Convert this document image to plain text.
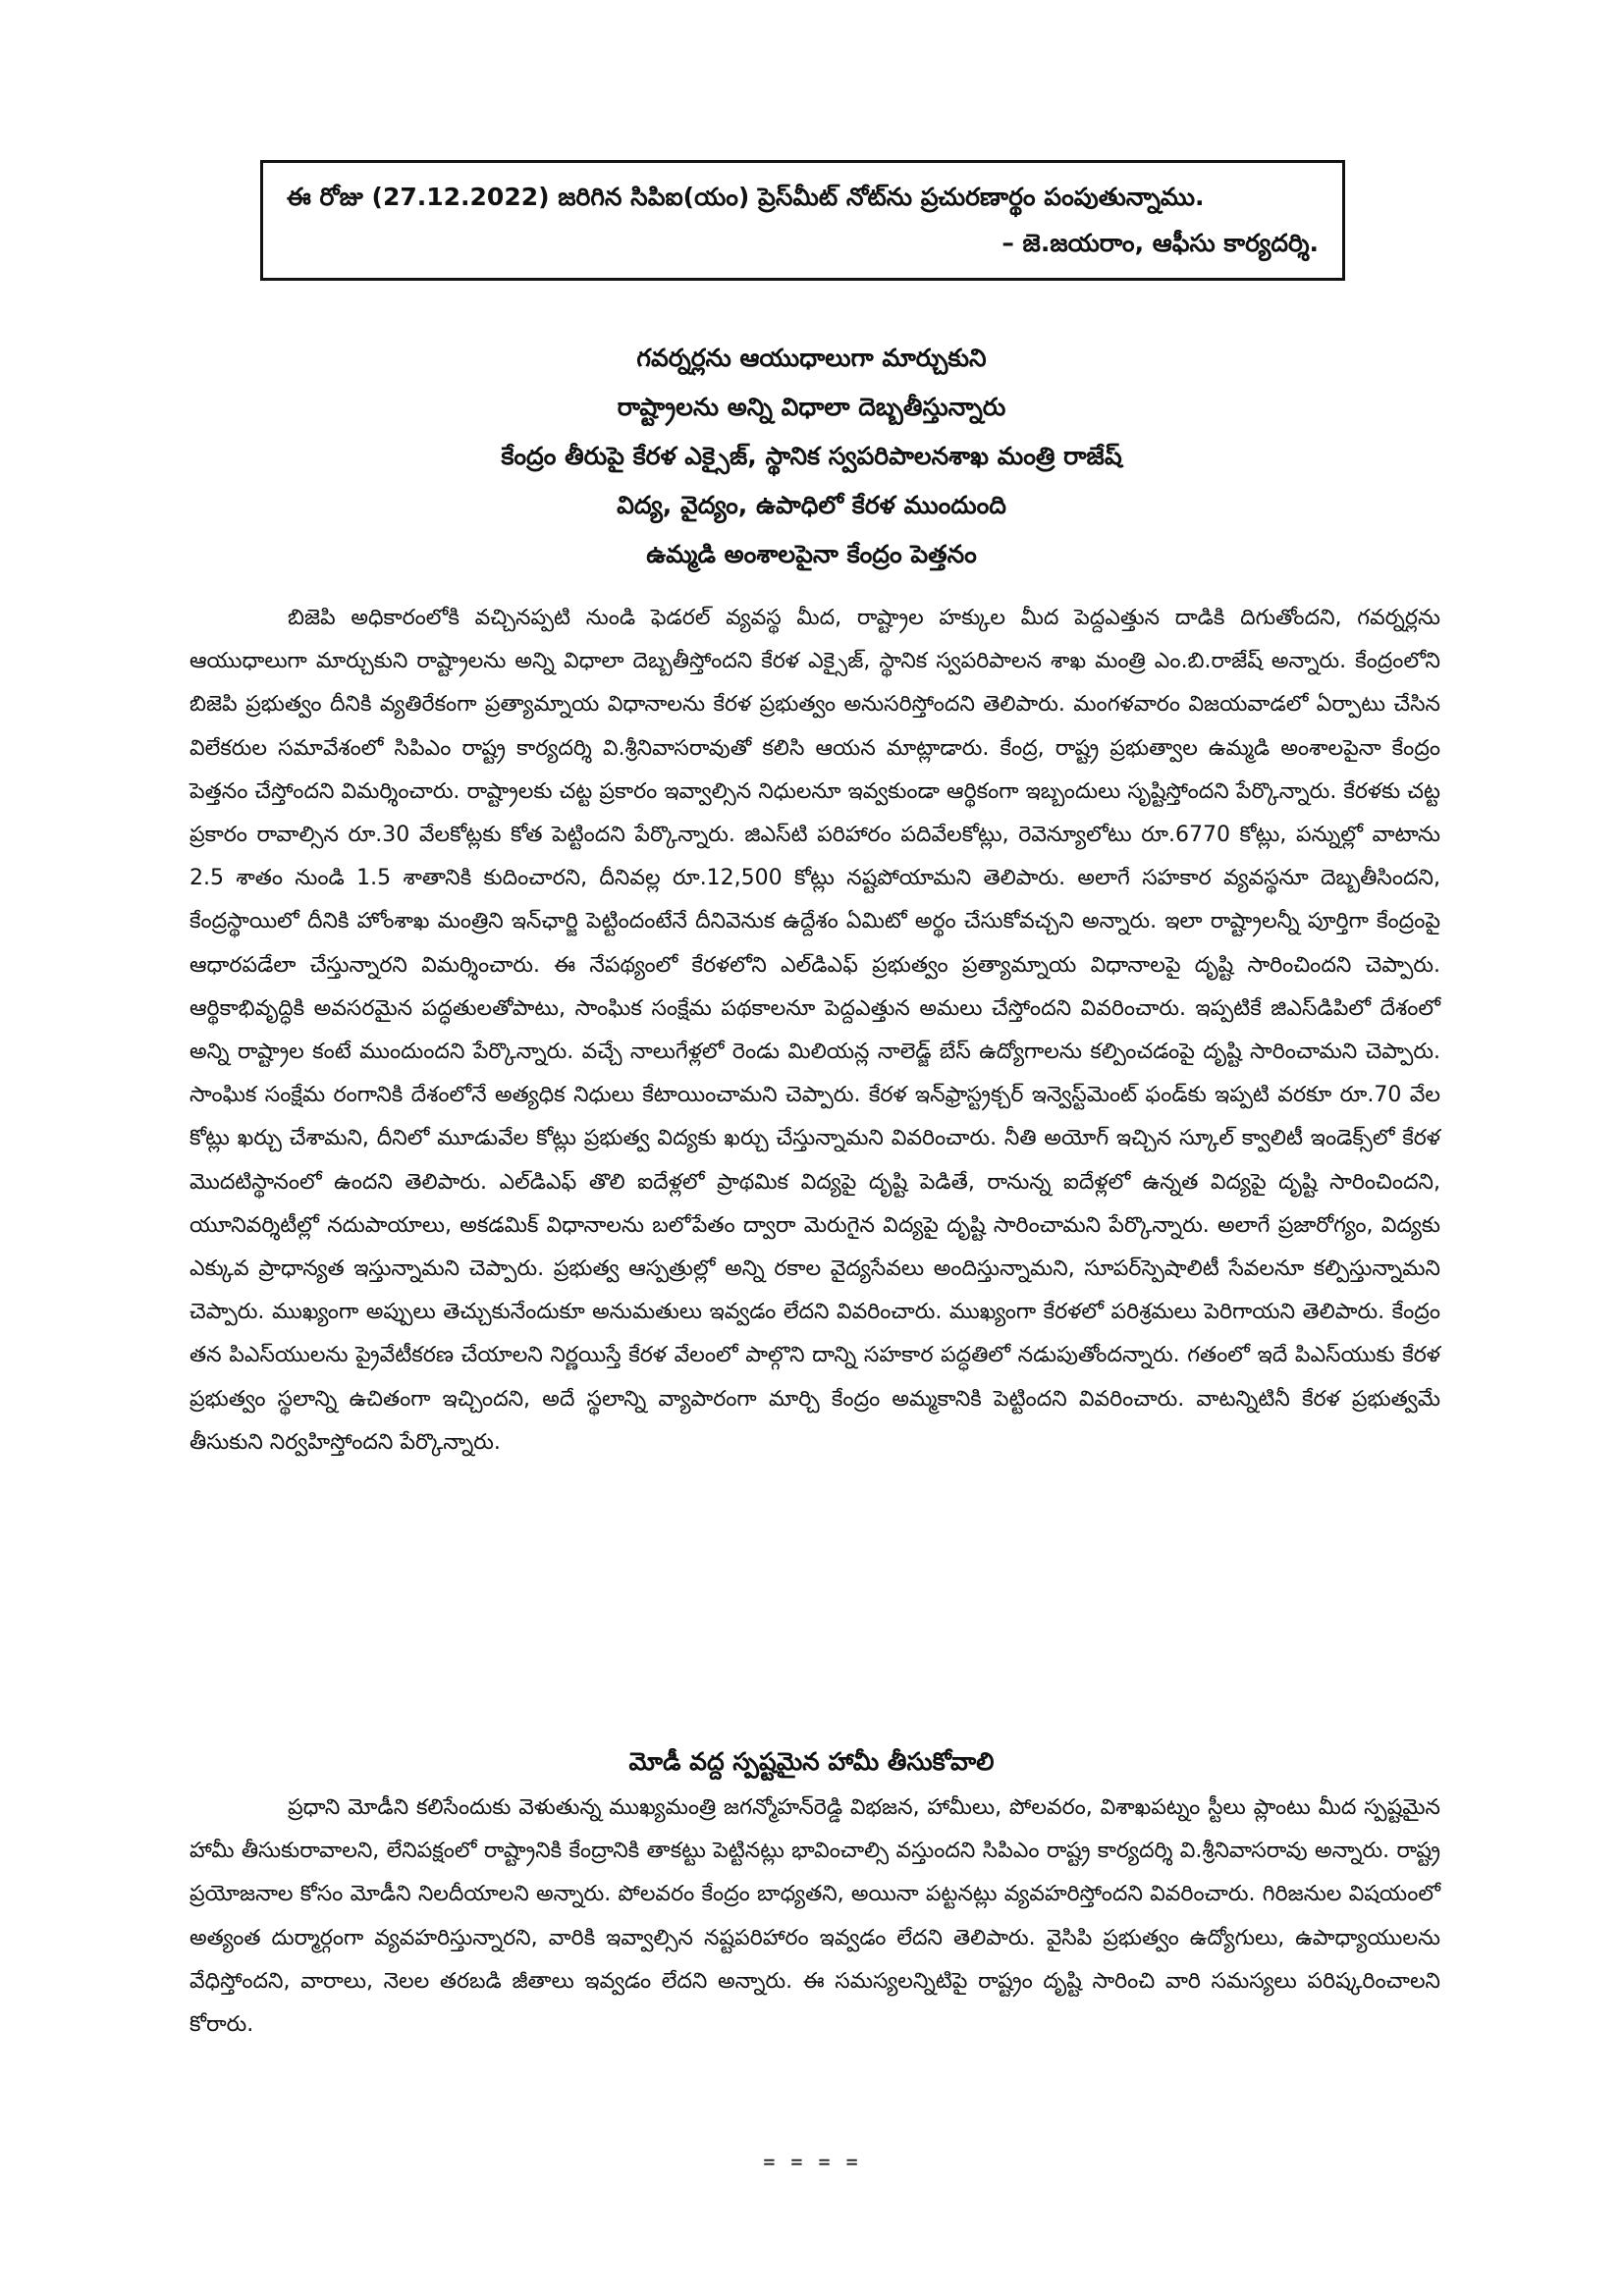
ఈ రోజు (27.12.2022) జరిగిన సిపిఐ(యం) ప్రెస్‌మీట్ నోట్‌ను ప్రచురణార్థం పంపుతున్నాము.
– జె.జయరాం, ఆఫీసు కార్యదర్శి.
గవర్నర్లను ఆయుధాలుగా మార్చుకుని
రాష్ట్రాలను అన్ని విధాలా దెబ్బతీస్తున్నారు
కేంద్రం తీరుపై కేరళ ఎక్సైజ్, స్థానిక స్వపరిపాలనశాఖ మంత్రి రాజేష్
విద్య, వైద్యం, ఉపాధిలో కేరళ ముందుంది
ఉమ్మడి అంశాలపైనా కేంద్రం పెత్తనం

బిజెపి అధికారంలోకి వచ్చినప్పటి నుండి ఫెడరల్ వ్యవస్థ మీద, రాష్ట్రాల హక్కుల మీద పెద్దఎత్తున దాడికి దిగుతోందని, గవర్నర్లను ఆయుధాలుగా మార్చుకుని రాష్ట్రాలను అన్ని విధాలా దెబ్బతీస్తోందని కేరళ ఎక్సైజ్, స్థానిక స్వపరిపాలన శాఖ మంత్రి ఎం.బి.రాజేష్ అన్నారు. కేంద్రంలోని బిజెపి ప్రభుత్వం దీనికి వ్యతిరేకంగా ప్రత్యామ్నాయ విధానాలను కేరళ ప్రభుత్వం అనుసరిస్తోందని తెలిపారు. మంగళవారం విజయవాడలో ఏర్పాటు చేసిన విలేకరుల సమావేశంలో సిపిఎం రాష్ట్ర కార్యదర్శి వి.శ్రీనివాసరావుతో కలిసి ఆయన మాట్లాడారు. కేంద్ర, రాష్ట్ర ప్రభుత్వాల ఉమ్మడి అంశాలపైనా కేంద్రం పెత్తనం చేస్తోందని విమర్శించారు. రాష్ట్రాలకు చట్ట ప్రకారం ఇవ్వాల్సిన నిధులనూ ఇవ్వకుండా ఆర్థికంగా ఇబ్బందులు సృష్టిస్తోందని పేర్కొన్నారు. కేరళకు చట్ట ప్రకారం రావాల్సిన రూ.30 వేలకోట్లకు కోత పెట్టిందని పేర్కొన్నారు. జిఎస్‌టి పరిహారం పదివేలకోట్లు, రెవెన్యూలోటు రూ.6770 కోట్లు, పన్నుల్లో వాటాను 2.5 శాతం నుండి 1.5 శాతానికి కుదించారని, దీనివల్ల రూ.12,500 కోట్లు నష్టపోయామని తెలిపారు. అలాగే సహకార వ్యవస్థనూ దెబ్బతీసిందని, కేంద్రస్థాయిలో దీనికి హోంశాఖ మంత్రిని ఇన్‌ఛార్జి పెట్టిందంటేనే దీనివెనుక ఉద్దేశం ఏమిటో అర్థం చేసుకోవచ్చని అన్నారు. ఇలా రాష్ట్రాలన్నీ పూర్తిగా కేంద్రంపై ఆధారపడేలా చేస్తున్నారని విమర్శించారు. ఈ నేపథ్యంలో కేరళలోని ఎల్‌డిఎఫ్ ప్రభుత్వం ప్రత్యామ్నాయ విధానాలపై దృష్టి సారించిందని చెప్పారు. ఆర్థికాభివృద్ధికి అవసరమైన పద్ధతులతోపాటు, సాంఘిక సంక్షేమ పథకాలనూ పెద్దఎత్తున అమలు చేస్తోందని వివరించారు. ఇప్పటికే జిఎస్‌డిపిలో దేశంలో అన్ని రాష్ట్రాల కంటే ముందుందని పేర్కొన్నారు. వచ్చే నాలుగేళ్లలో రెండు మిలియన్ల నాలెడ్జ్ బేస్ ఉద్యోగాలను కల్పించడంపై దృష్టి సారించామని చెప్పారు. సాంఘిక సంక్షేమ రంగానికి దేశంలోనే అత్యధిక నిధులు కేటాయించామని చెప్పారు. కేరళ ఇన్‌ఫ్రాస్ట్రక్చర్ ఇన్వెస్ట్‌మెంట్ ఫండ్‌కు ఇప్పటి వరకూ రూ.70 వేల కోట్లు ఖర్చు చేశామని, దీనిలో మూడువేల కోట్లు ప్రభుత్వ విద్యకు ఖర్చు చేస్తున్నామని వివరించారు. నీతి అయోగ్ ఇచ్చిన స్కూల్ క్వాలిటీ ఇండెక్స్‌లో కేరళ మొదటిస్థానంలో ఉందని తెలిపారు. ఎల్‌డిఎఫ్ తొలి ఐదేళ్లలో ప్రాథమిక విద్యపై దృష్టి పెడితే, రానున్న ఐదేళ్లలో ఉన్నత విద్యపై దృష్టి సారించిందని, యూనివర్శిటీల్లో నదుపాయాలు, అకడమిక్ విధానాలను బలోపేతం ద్వారా మెరుగైన విద్యపై దృష్టి సారించామని పేర్కొన్నారు. అలాగే ప్రజారోగ్యం, విద్యకు ఎక్కువ ప్రాధాన్యత ఇస్తున్నామని చెప్పారు. ప్రభుత్వ ఆస్పత్రుల్లో అన్ని రకాల వైద్యసేవలు అందిస్తున్నామని, సూపర్‌స్పెషాలిటీ సేవలనూ కల్పిస్తున్నామని చెప్పారు. ముఖ్యంగా అప్పులు తెచ్చుకునేందుకూ అనుమతులు ఇవ్వడం లేదని వివరించారు. ముఖ్యంగా కేరళలో పరిశ్రమలు పెరిగాయని తెలిపారు. కేంద్రం తన పిఎస్‌యులను ప్రైవేటీకరణ చేయాలని నిర్ణయిస్తే కేరళ వేలంలో పాల్గొని దాన్ని సహకార పద్ధతిలో నడుపుతోందన్నారు. గతంలో ఇదే పిఎస్‌యుకు కేరళ ప్రభుత్వం స్థలాన్ని ఉచితంగా ఇచ్చిందని, అదే స్థలాన్ని వ్యాపారంగా మార్చి కేంద్రం అమ్మకానికి పెట్టిందని వివరించారు. వాటన్నిటినీ కేరళ ప్రభుత్వమే తీసుకుని నిర్వహిస్తోందని పేర్కొన్నారు.

మోడీ వద్ద స్పష్టమైన హామీ తీసుకోవాలి

ప్రధాని మోడీని కలిసేందుకు వెళుతున్న ముఖ్యమంత్రి జగన్మోహన్‌రెడ్డి విభజన, హామీలు, పోలవరం, విశాఖపట్నం స్టీలు ప్లాంటు మీద స్పష్టమైన హామీ తీసుకురావాలని, లేనిపక్షంలో రాష్ట్రానికి కేంద్రానికి తాకట్టు పెట్టినట్లు భావించాల్సి వస్తుందని సిపిఎం రాష్ట్ర కార్యదర్శి వి.శ్రీనివాసరావు అన్నారు. రాష్ట్ర ప్రయోజనాల కోసం మోడీని నిలదీయాలని అన్నారు. పోలవరం కేంద్రం బాధ్యతని, అయినా పట్టనట్లు వ్యవహరిస్తోందని వివరించారు. గిరిజనుల విషయంలో అత్యంత దుర్మార్గంగా వ్యవహరిస్తున్నారని, వారికి ఇవ్వాల్సిన నష్టపరిహారం ఇవ్వడం లేదని తెలిపారు. వైసిపి ప్రభుత్వం ఉద్యోగులు, ఉపాధ్యాయులను వేధిస్తోందని, వారాలు, నెలల తరబడి జీతాలు ఇవ్వడం లేదని అన్నారు. ఈ సమస్యలన్నిటిపై రాష్ట్రం దృష్టి సారించి వారి సమస్యలు పరిష్కరించాలని కోరారు.

= = = =
